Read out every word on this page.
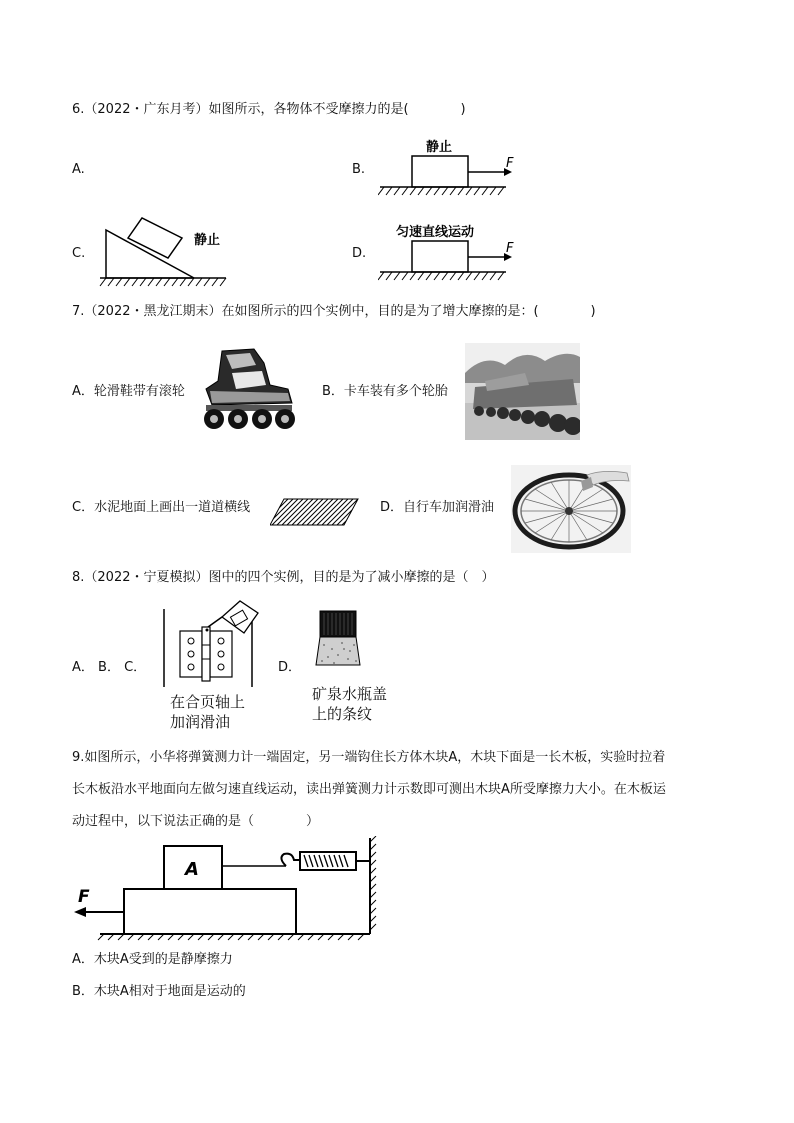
6.（2022・广东月考）如图所示，各物体不受摩擦力的是(　　　　)
A.	B.
C.	D.
静止
F
静止
匀速直线运动
F
7.（2022・黑龙江期末）在如图所示的四个实例中，目的是为了增大摩擦的是：(　　　　)
A．轮滑鞋带有滚轮	B．卡车装有多个轮胎
C．水泥地面上画出一道道横线	D．自行车加润滑油
8.（2022・宁夏模拟）图中的四个实例，目的是为了减小摩擦的是（　）
A． B． C．
在合页轴上
加润滑油
D．
矿泉水瓶盖
上的条纹
9.如图所示，小华将弹簧测力计一端固定，另一端钩住长方体木块A，木块下面是一长木板，实验时拉着
长木板沿水平地面向左做匀速直线运动，读出弹簧测力计示数即可测出木块A所受摩擦力大小。在木板运
动过程中，以下说法正确的是（　　　　）
A
F
A．木块A受到的是静摩擦力
B．木块A相对于地面是运动的
